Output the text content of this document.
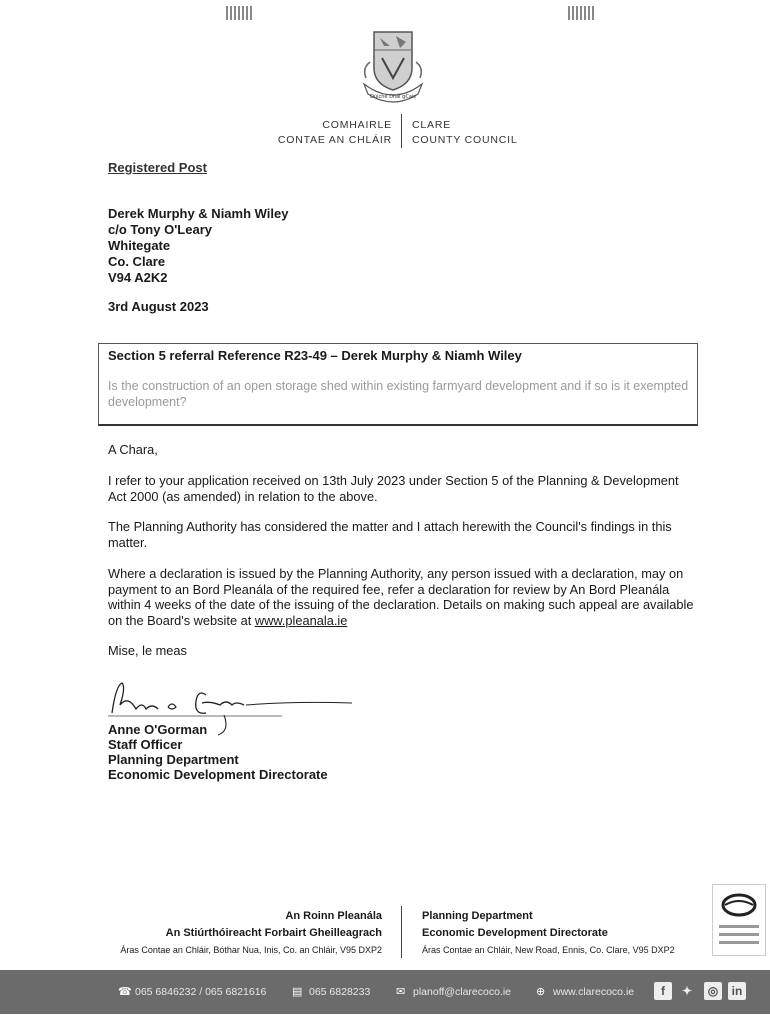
Dúiche Dhál gCais
COMHAIRLE
CONTAE AN CHLÁIR
CLARE
COUNTY COUNCIL
Registered Post
Derek Murphy & Niamh Wiley
c/o Tony O'Leary
Whitegate
Co. Clare
V94 A2K2
3rd August 2023
Section 5 referral Reference R23-49 – Derek Murphy & Niamh Wiley
Is the construction of an open storage shed within existing farmyard development and if so is it exempted development?
A Chara,
I refer to your application received on 13th July 2023 under Section 5 of the Planning & Development Act 2000 (as amended) in relation to the above.
The Planning Authority has considered the matter and I attach herewith the Council's findings in this matter.
Where a declaration is issued by the Planning Authority, any person issued with a declaration, may on payment to an Bord Pleanála of the required fee, refer a declaration for review by An Bord Pleanála within 4 weeks of the date of the issuing of the declaration. Details on making such appeal are available on the Board's website at www.pleanala.ie
Mise, le meas
Anne O'Gorman
Staff Officer
Planning Department
Economic Development Directorate
An Roinn Pleanála
An Stiúrthóireacht Forbairt Gheilleagrach
Áras Contae an Chláir, Bóthar Nua, Inis, Co. an Chláir, V95 DXP2
Planning Department
Economic Development Directorate
Áras Contae an Chláir, New Road, Ennis, Co. Clare, V95 DXP2
☎ 065 6846232 / 065 6821616 ▤ 065 6828233 ✉ planoff@clarecoco.ie ⊕ www.clarecoco.ie	f	✦	◎	in
